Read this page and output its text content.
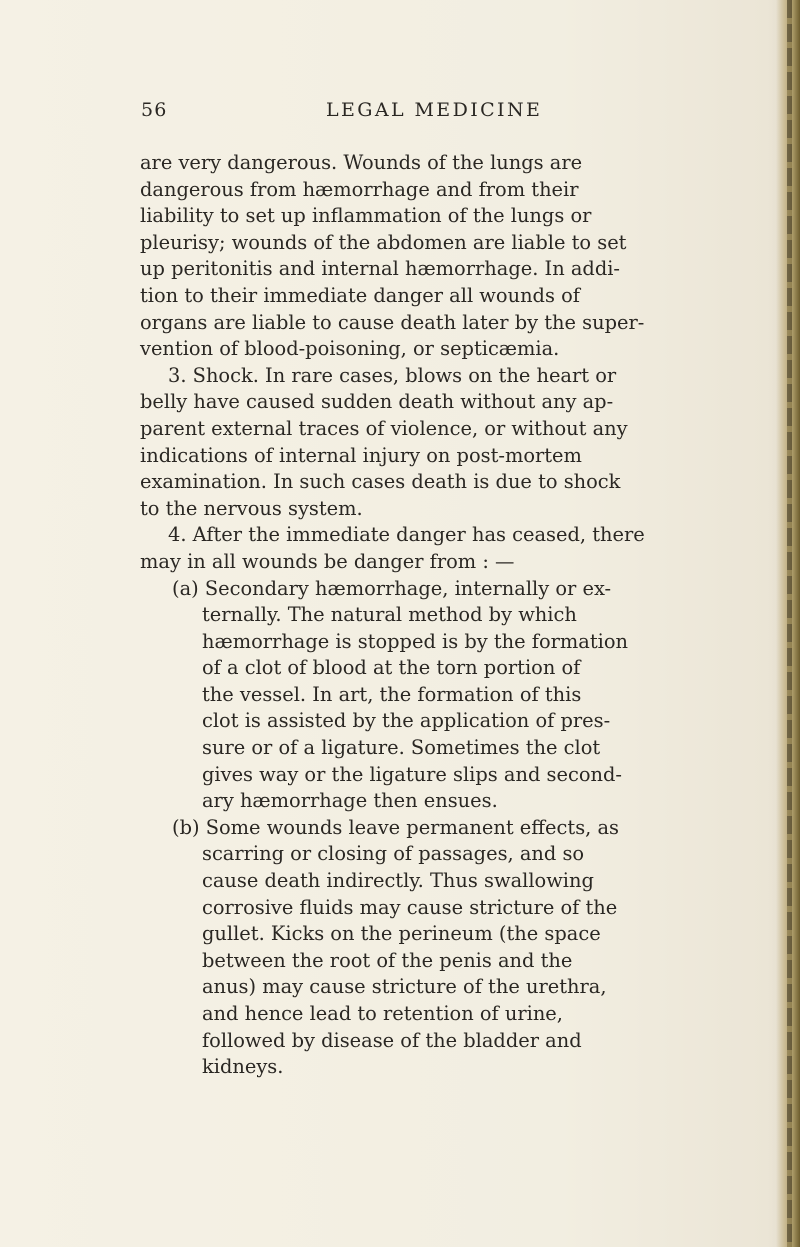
56	LEGAL MEDICINE
are very dangerous. Wounds of the lungs are
dangerous from hæmorrhage and from their
liability to set up inflammation of the lungs or
pleurisy; wounds of the abdomen are liable to set
up peritonitis and internal hæmorrhage. In addi-
tion to their immediate danger all wounds of
organs are liable to cause death later by the super-
vention of blood-poisoning, or septicæmia.
3. Shock. In rare cases, blows on the heart or
belly have caused sudden death without any ap-
parent external traces of violence, or without any
indications of internal injury on post-mortem
examination. In such cases death is due to shock
to the nervous system.
4. After the immediate danger has ceased, there
may in all wounds be danger from : —
(a) Secondary hæmorrhage, internally or ex-
ternally. The natural method by which
hæmorrhage is stopped is by the formation
of a clot of blood at the torn portion of
the vessel. In art, the formation of this
clot is assisted by the application of pres-
sure or of a ligature. Sometimes the clot
gives way or the ligature slips and second-
ary hæmorrhage then ensues.
(b) Some wounds leave permanent effects, as
scarring or closing of passages, and so
cause death indirectly. Thus swallowing
corrosive fluids may cause stricture of the
gullet. Kicks on the perineum (the space
between the root of the penis and the
anus) may cause stricture of the urethra,
and hence lead to retention of urine,
followed by disease of the bladder and
kidneys.
